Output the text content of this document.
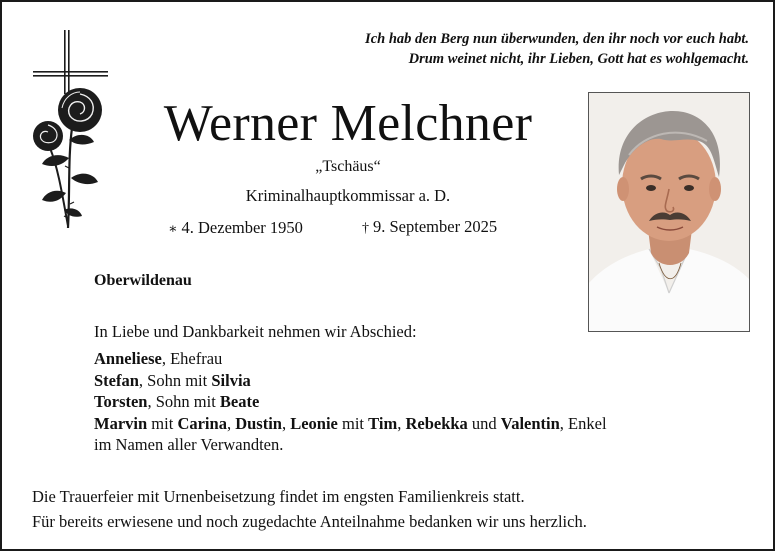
Ich hab den Berg nun überwunden, den ihr noch vor euch habt.
Drum weinet nicht, ihr Lieben, Gott hat es wohlgemacht.
Werner Melchner
„Tschäus“
Kriminalhauptkommissar a. D.
∗ 4. Dezember 1950	† 9. September 2025
Oberwildenau
In Liebe und Dankbarkeit nehmen wir Abschied:
Anneliese, Ehefrau
Stefan, Sohn mit Silvia
Torsten, Sohn mit Beate
Marvin mit Carina, Dustin, Leonie mit Tim, Rebekka und Valentin, Enkel
im Namen aller Verwandten.
Die Trauerfeier mit Urnenbeisetzung findet im engsten Familienkreis statt.
Für bereits erwiesene und noch zugedachte Anteilnahme bedanken wir uns herzlich.
